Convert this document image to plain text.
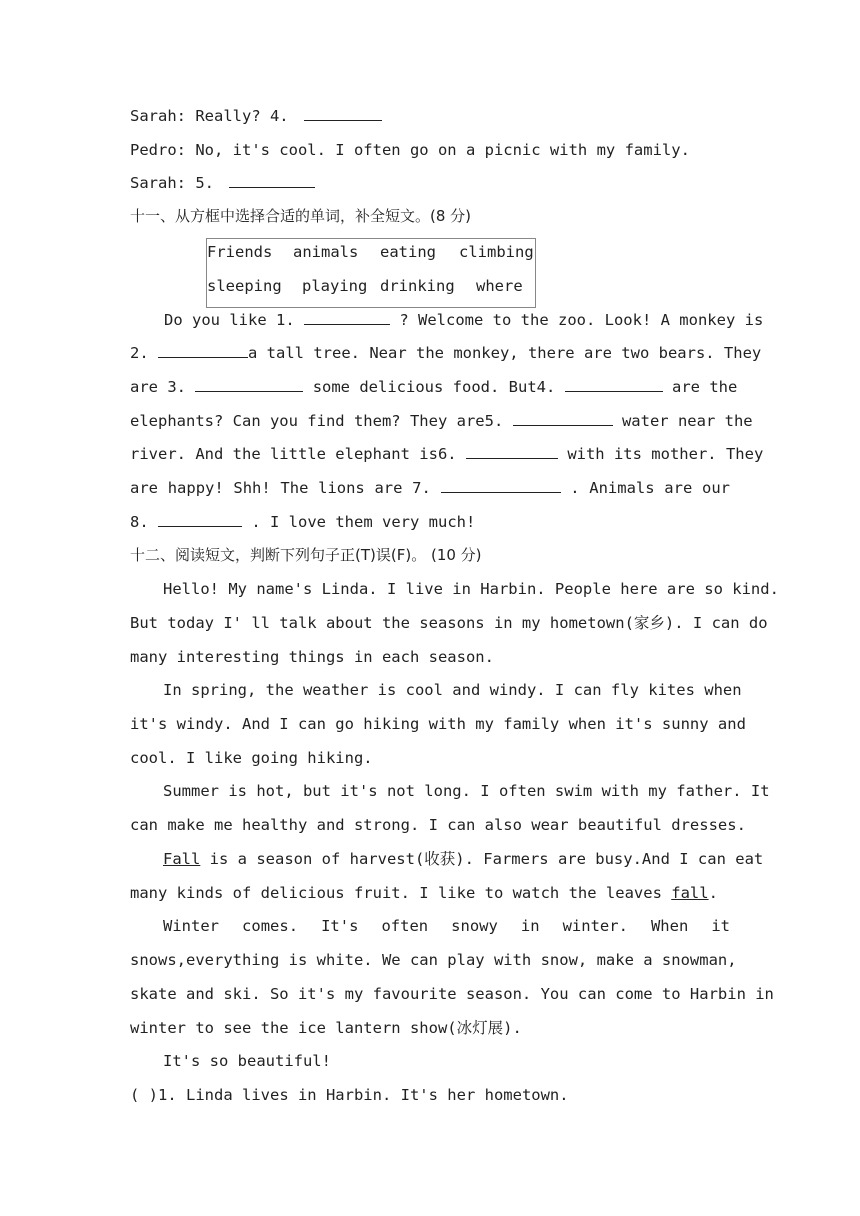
Sarah: Really? 4.
Pedro: No, it's cool. I often go on a picnic with my family.
Sarah: 5.
十一、从方框中选择合适的单词，补全短文。(8 分)
Friends animals eating climbing
sleeping playing drinking where
Do you like 1.	? Welcome to the zoo. Look! A monkey is
2.	a tall tree. Near the monkey, there are two bears. They
are 3.	some delicious food. But4.	are the
elephants? Can you find them? They are5.	water near the
river. And the little elephant is6.	with its mother. They
are happy! Shh! The lions are 7.	. Animals are our
8.	. I love them very much!
十二、阅读短文，判断下列句子正(T)误(F)。 (10 分)
Hello! My name's Linda. I live in Harbin. People here are so kind.
But today I' ll talk about the seasons in my hometown(家乡). I can do
many interesting things in each season.
In spring, the weather is cool and windy. I can fly kites when
it's windy. And I can go hiking with my family when it's sunny and
cool. I like going hiking.
Summer is hot, but it's not long. I often swim with my father. It
can make me healthy and strong. I can also wear beautiful dresses.
Fall is a season of harvest(收获). Farmers are busy.And I can eat
many kinds of delicious fruit. I like to watch the leaves fall.
Winter comes. It's often snowy in winter. When it
snows,everything is white. We can play with snow, make a snowman,
skate and ski. So it's my favourite season. You can come to Harbin in
winter to see the ice lantern show(冰灯展).
It's so beautiful!
( )1. Linda lives in Harbin. It's her hometown.
